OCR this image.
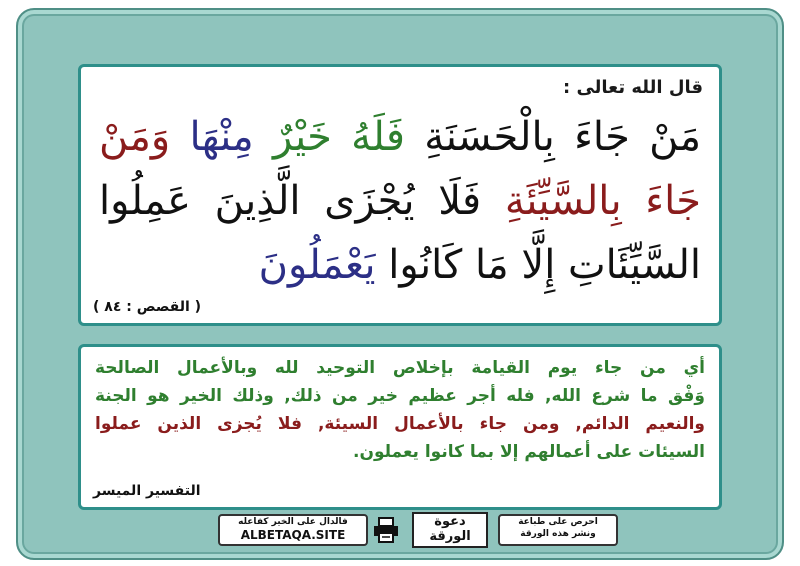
قال الله تعالى :
مَنْ جَاءَ بِالْحَسَنَةِ فَلَهُ خَيْرٌ مِنْهَا وَمَنْ
جَاءَ بِالسَّيِّئَةِ فَلَا يُجْزَى الَّذِينَ عَمِلُوا
السَّيِّئَاتِ إِلَّا مَا كَانُوا يَعْمَلُونَ
( القصص : ٨٤ )
أي من جاء يوم القيامة بإخلاص التوحيد لله وبالأعمال الصالحة
وَفْق ما شرع الله, فله أجر عظيم خير من ذلك, وذلك الخير هو الجنة
والنعيم الدائم, ومن جاء بالأعمال السيئة, فلا يُجزى الذين عملوا
السيئات على أعمالهم إلا بما كانوا يعملون.
التفسير الميسر
فالدال على الخير كفاعله
ALBETAQA.SITE
دعوة الورقة
احرص على طباعة
ونشر هذه الورقة
